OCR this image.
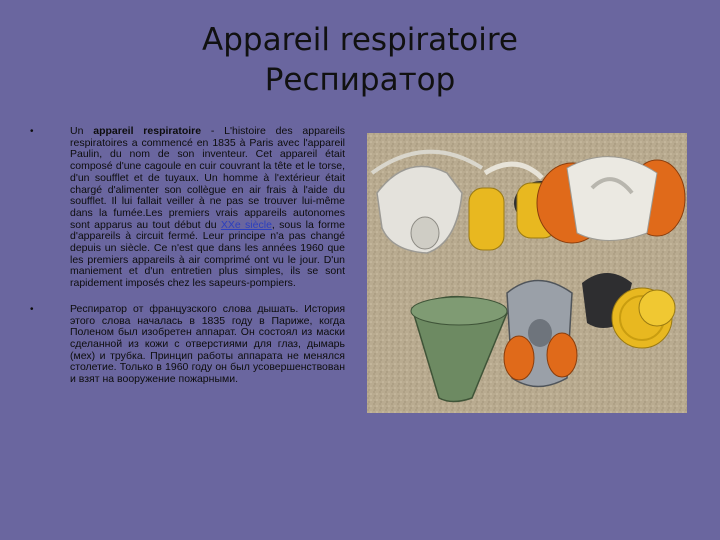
Appareil respiratoire
Респиратор
•	Un appareil respiratoire - L'histoire des appareils respiratoires a commencé en 1835 à Paris avec l'appareil Paulin, du nom de son inventeur. Cet appareil était composé d'une cagoule en cuir couvrant la tête et le torse, d'un soufflet et de tuyaux. Un homme à l'extérieur était chargé d'alimenter son collègue en air frais à l'aide du soufflet. Il lui fallait veiller à ne pas se trouver lui-même dans la fumée.Les premiers vrais appareils autonomes sont apparus au tout début du XXe siècle, sous la forme d'appareils à circuit fermé. Leur principe n'a pas changé depuis un siècle. Ce n'est que dans les années 1960 que les premiers appareils à air comprimé ont vu le jour. D'un maniement et d'un entretien plus simples, ils se sont rapidement imposés chez les sapeurs-pompiers.
•	Респиратор от французского слова дышать. История этого слова началась в 1835 году в Париже, когда Поленом был изобретен аппарат. Он состоял из маски сделанной из кожи с отверстиями для глаз, дымарь (мех) и трубка. Принцип работы аппарата не менялся столетие. Только в 1960 году он был усовершенствован и взят на вооружение пожарными.
